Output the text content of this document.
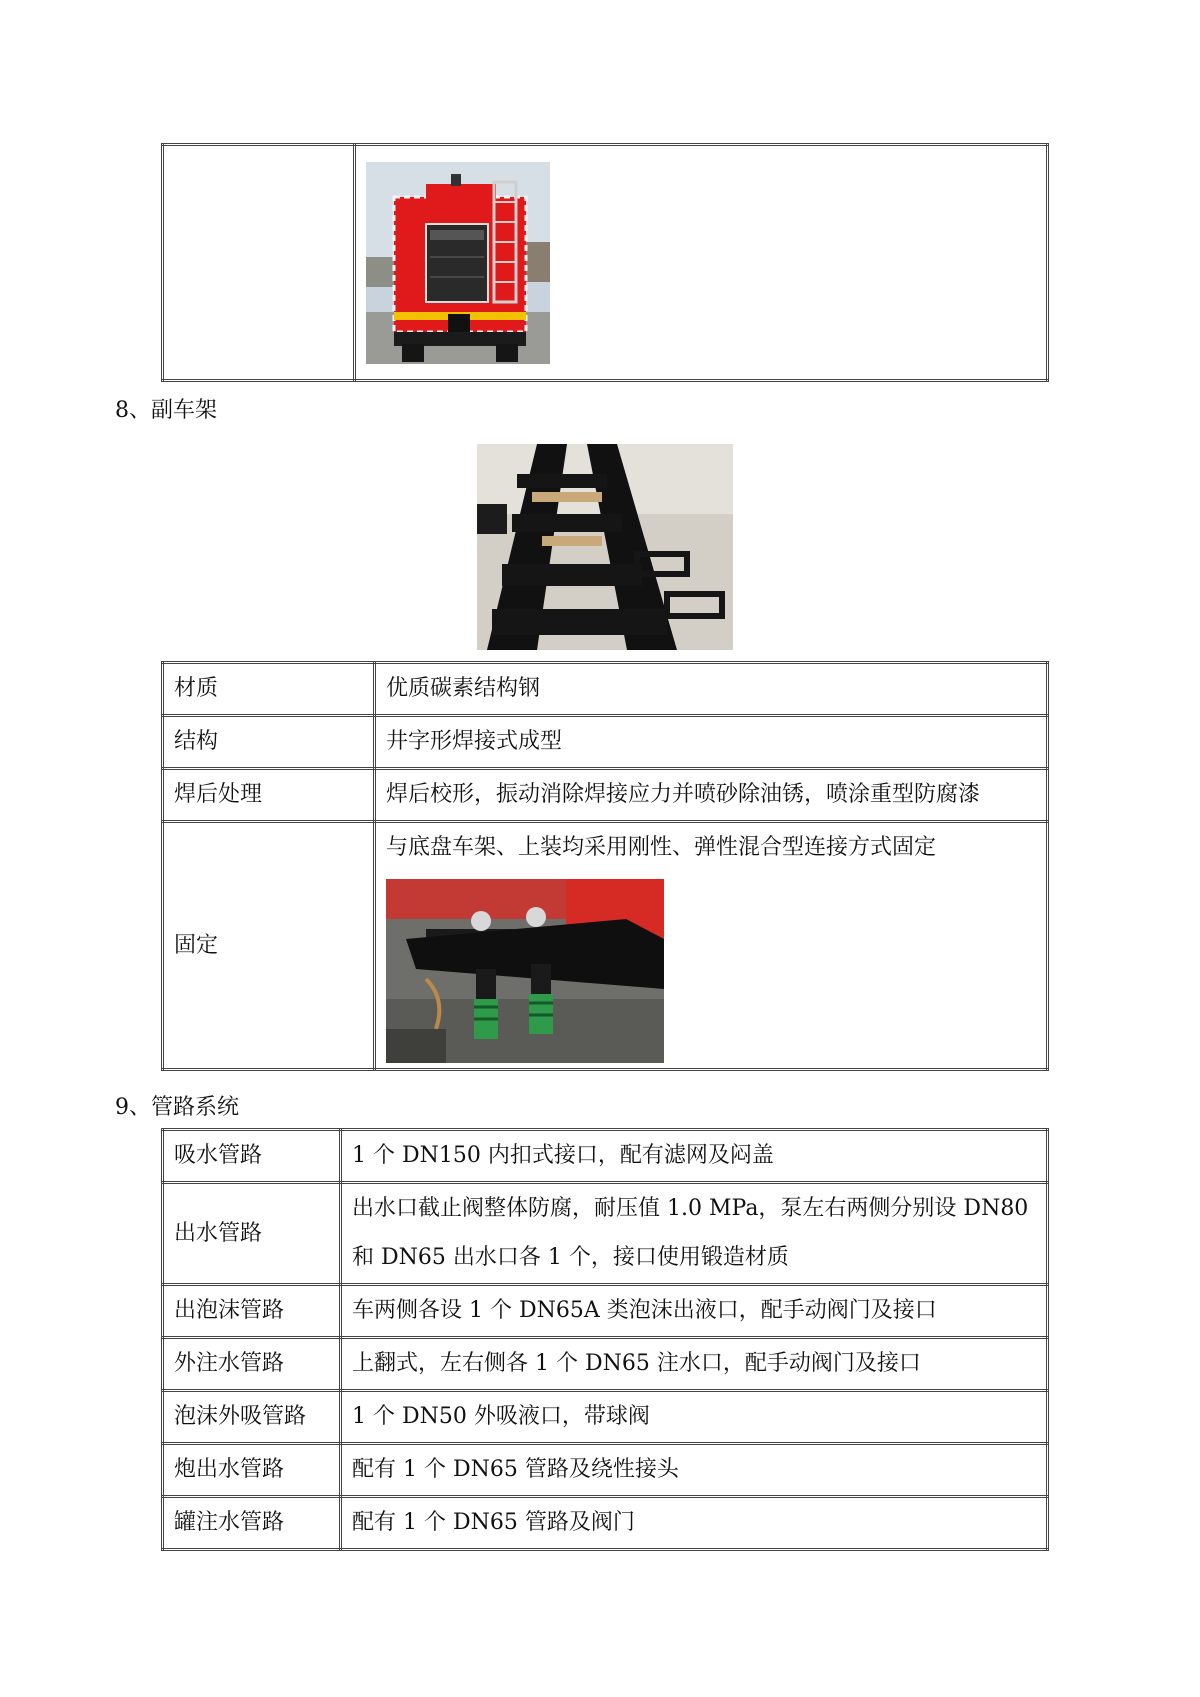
8、副车架
材质	优质碳素结构钢
结构	井字形焊接式成型
焊后处理	焊后校形，振动消除焊接应力并喷砂除油锈，喷涂重型防腐漆
固定	与底盘车架、上装均采用刚性、弹性混合型连接方式固定
9、管路系统
吸水管路	1 个 DN150 内扣式接口，配有滤网及闷盖
出水管路	出水口截止阀整体防腐，耐压值 1.0 MPa，泵左右两侧分别设 DN80
和 DN65 出水口各 1 个，接口使用锻造材质

出泡沫管路	车两侧各设 1 个 DN65A 类泡沫出液口，配手动阀门及接口
外注水管路	上翻式，左右侧各 1 个 DN65 注水口，配手动阀门及接口
泡沫外吸管路	1 个 DN50 外吸液口，带球阀
炮出水管路	配有 1 个 DN65 管路及绕性接头
罐注水管路	配有 1 个 DN65 管路及阀门
